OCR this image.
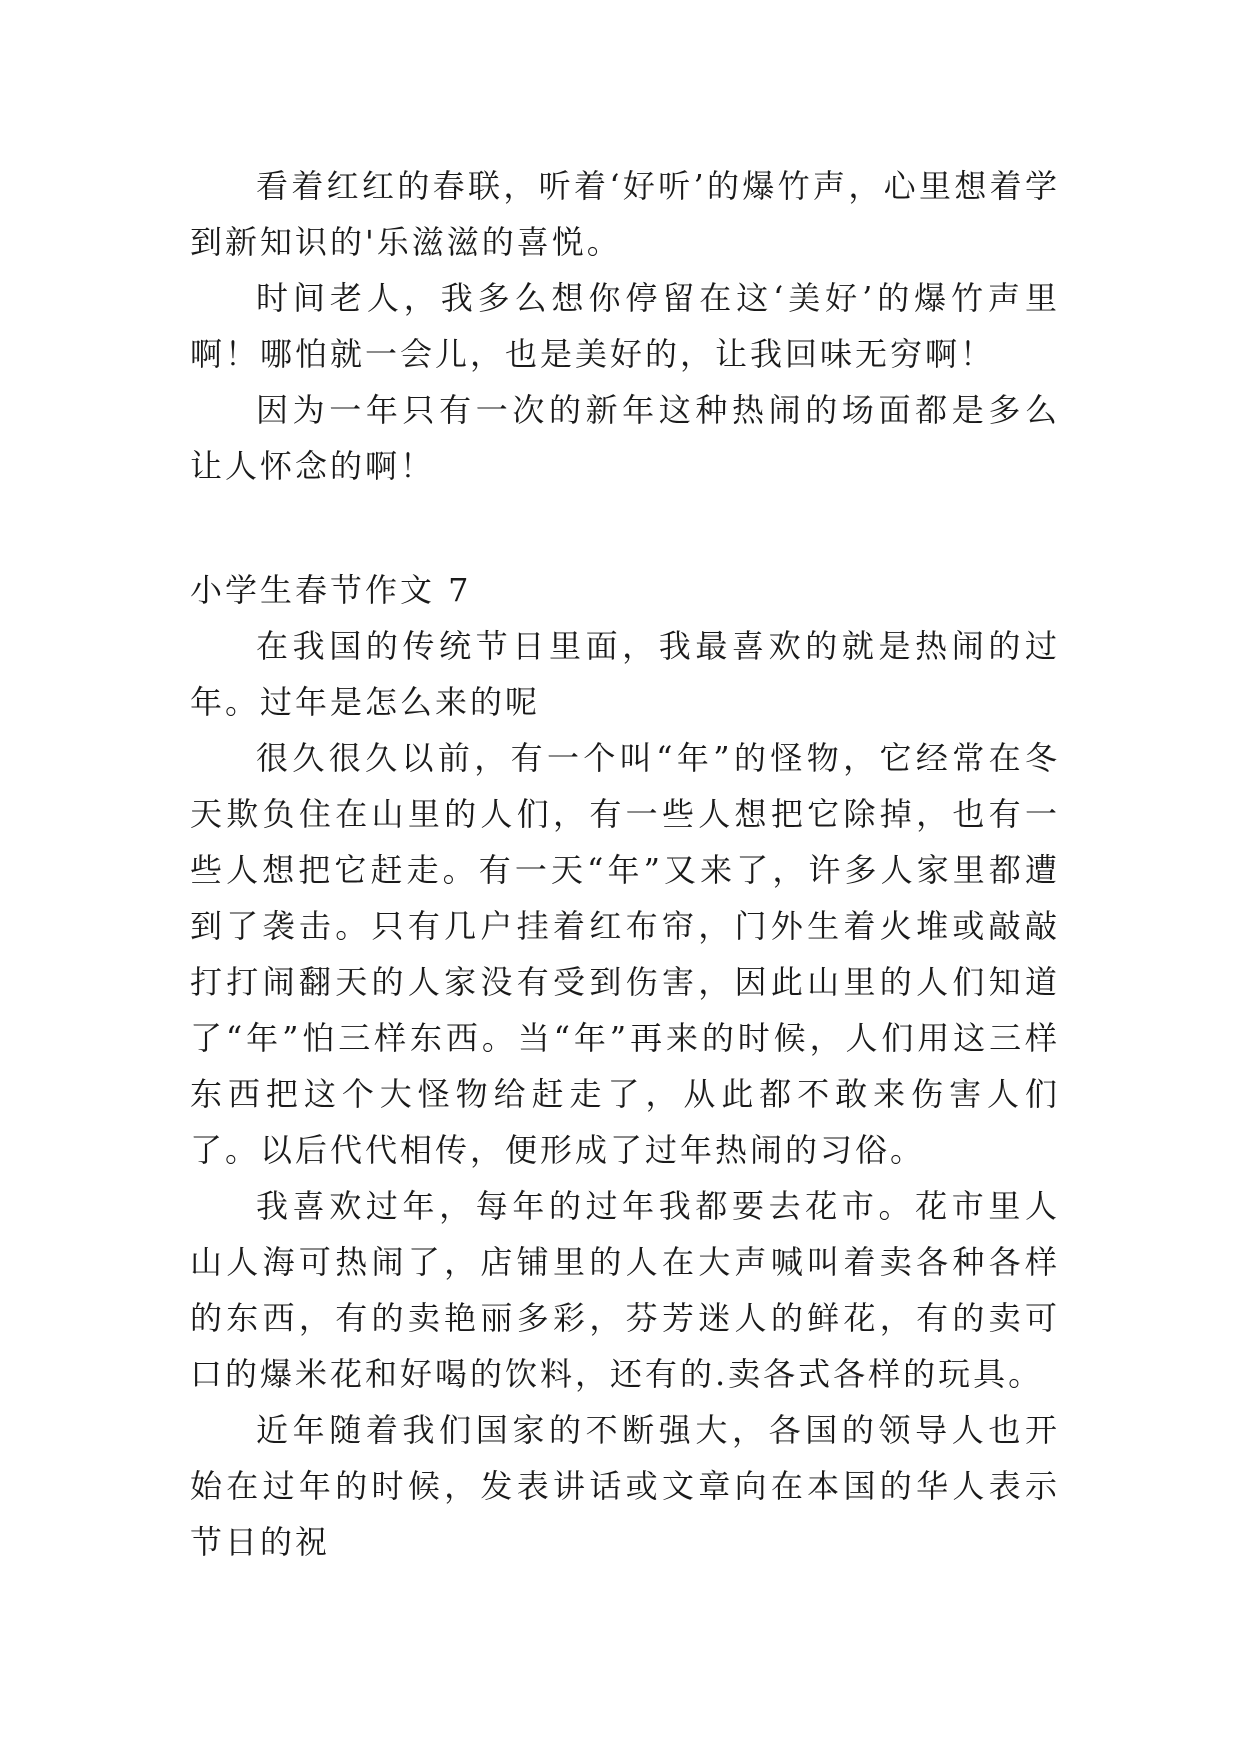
看着红红的春联，听着‘好听’的爆竹声，心里想着学到新知识的'乐滋滋的喜悦。

时间老人，我多么想你停留在这‘美好’的爆竹声里啊！哪怕就一会儿，也是美好的，让我回味无穷啊！

因为一年只有一次的新年这种热闹的场面都是多么让人怀念的啊！

小学生春节作文 7

在我国的传统节日里面，我最喜欢的就是热闹的过年。过年是怎么来的呢

很久很久以前，有一个叫“年”的怪物，它经常在冬天欺负住在山里的人们，有一些人想把它除掉，也有一些人想把它赶走。有一天“年”又来了，许多人家里都遭到了袭击。只有几户挂着红布帘，门外生着火堆或敲敲打打闹翻天的人家没有受到伤害，因此山里的人们知道了“年”怕三样东西。当“年”再来的时候，人们用这三样东西把这个大怪物给赶走了，从此都不敢来伤害人们了。以后代代相传，便形成了过年热闹的习俗。

我喜欢过年，每年的过年我都要去花市。花市里人山人海可热闹了，店铺里的人在大声喊叫着卖各种各样的东西，有的卖艳丽多彩，芬芳迷人的鲜花，有的卖可口的爆米花和好喝的饮料，还有的.卖各式各样的玩具。

近年随着我们国家的不断强大，各国的领导人也开始在过年的时候，发表讲话或文章向在本国的华人表示节日的祝
